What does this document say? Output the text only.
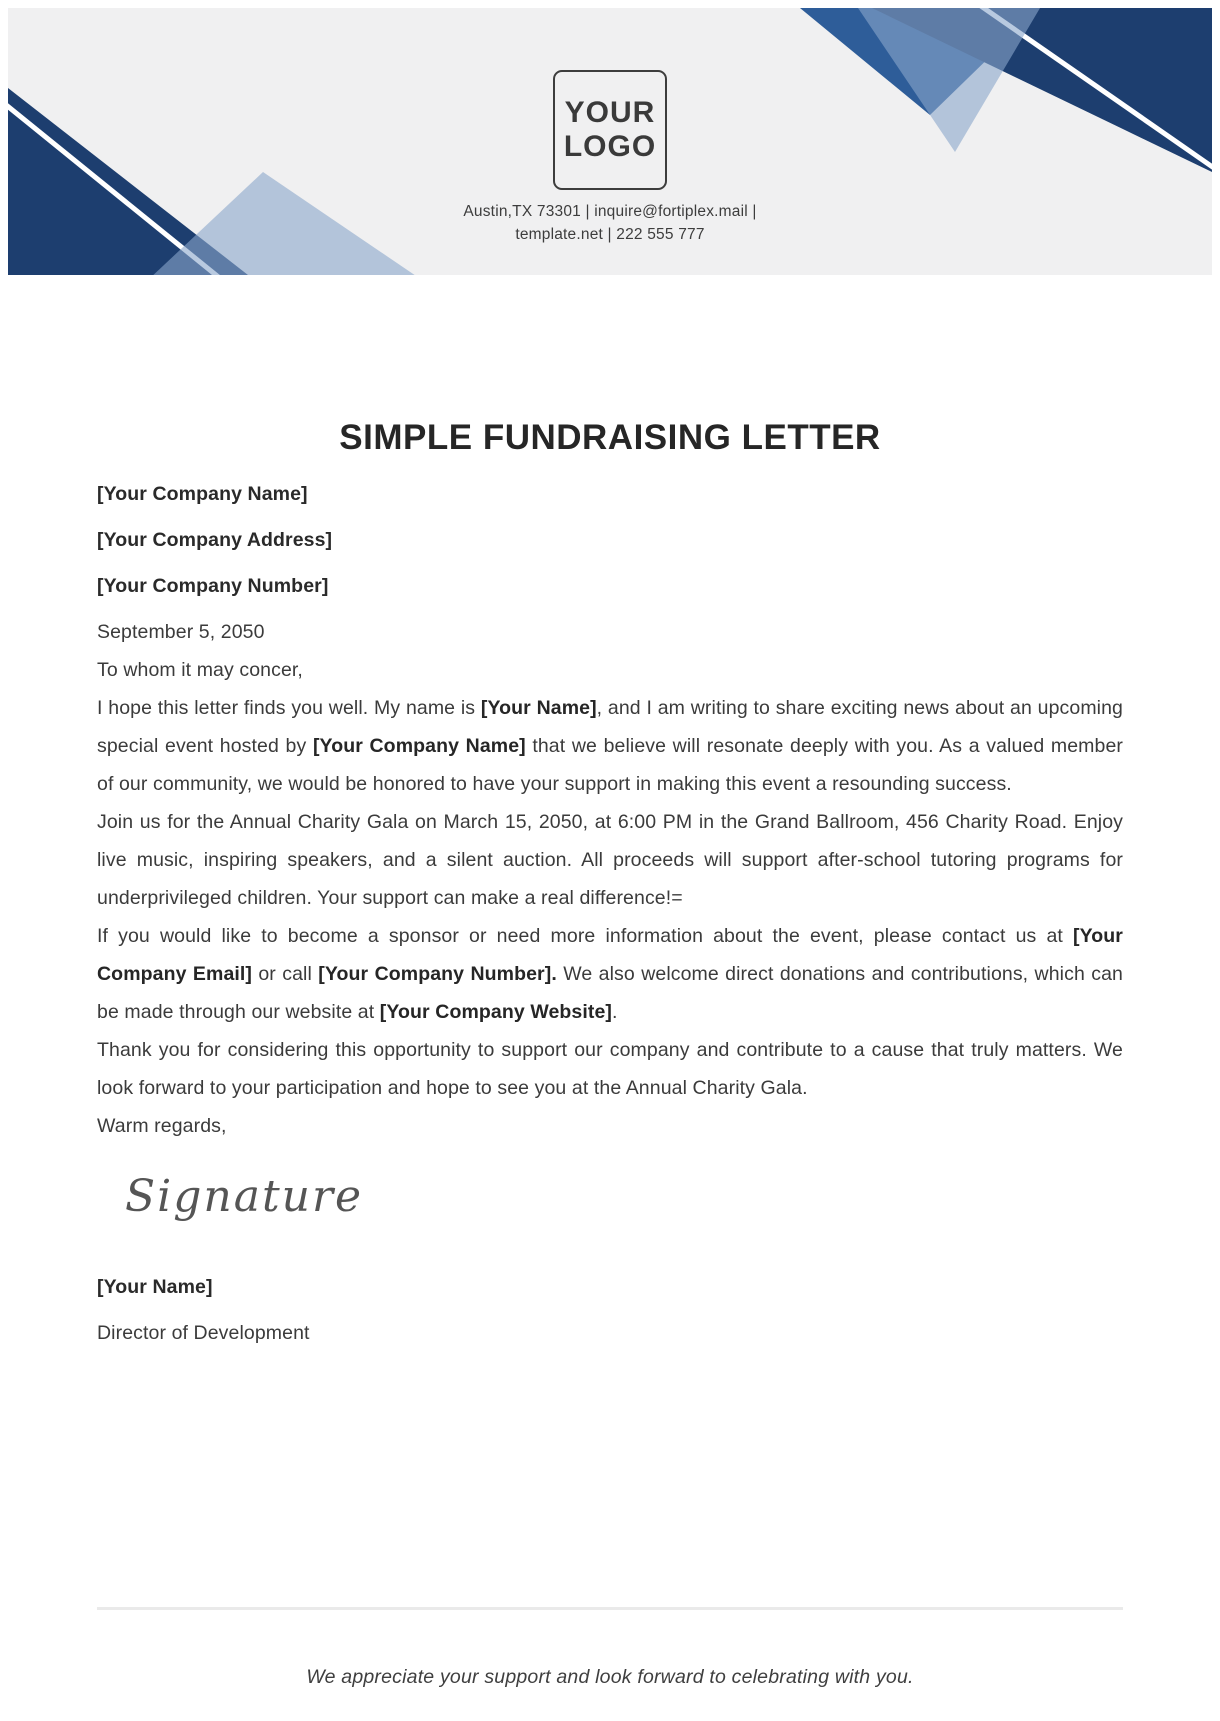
YOUR
LOGO
Austin,TX 73301 | inquire@fortiplex.mail |
template.net | 222 555 777
SIMPLE FUNDRAISING LETTER

[Your Company Name]

[Your Company Address]

[Your Company Number]

September 5, 2050

To whom it may concer,

I hope this letter finds you well. My name is [Your Name], and I am writing to share exciting news about an upcoming special event hosted by [Your Company Name] that we believe will resonate deeply with you. As a valued member of our community, we would be honored to have your support in making this event a resounding success.

Join us for the Annual Charity Gala on March 15, 2050, at 6:00 PM in the Grand Ballroom, 456 Charity Road. Enjoy live music, inspiring speakers, and a silent auction. All proceeds will support after-school tutoring programs for underprivileged children. Your support can make a real difference!=

If you would like to become a sponsor or need more information about the event, please contact us at [Your Company Email] or call [Your Company Number]. We also welcome direct donations and contributions, which can be made through our website at [Your Company Website].

Thank you for considering this opportunity to support our company and contribute to a cause that truly matters. We look forward to your participation and hope to see you at the Annual Charity Gala.

Warm regards,

Signature

[Your Name]

Director of Development

We appreciate your support and look forward to celebrating with you.
